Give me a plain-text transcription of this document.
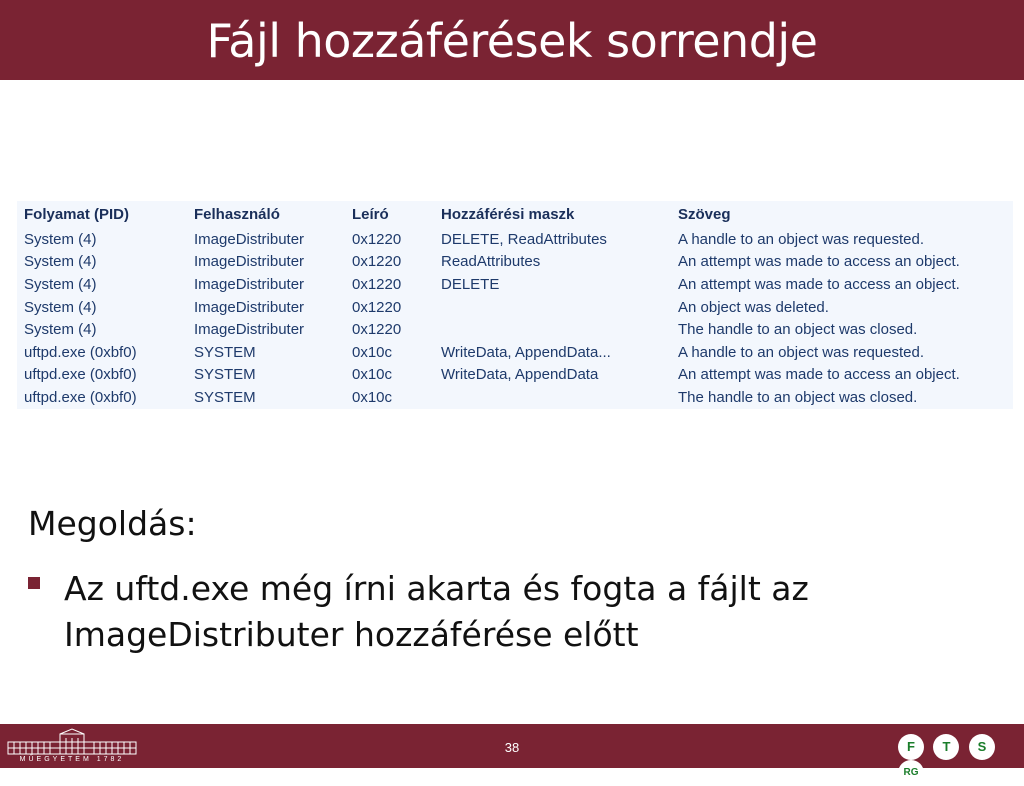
Fájl hozzáférések sorrendje
Folyamat (PID)	Felhasználó	Leíró	Hozzáférési maszk	Szöveg
System (4)	ImageDistributer	0x1220	DELETE, ReadAttributes	A handle to an object was requested.
System (4)	ImageDistributer	0x1220	ReadAttributes	An attempt was made to access an object.
System (4)	ImageDistributer	0x1220	DELETE	An attempt was made to access an object.
System (4)	ImageDistributer	0x1220		An object was deleted.
System (4)	ImageDistributer	0x1220		The handle to an object was closed.
uftpd.exe (0xbf0)	SYSTEM	0x10c	WriteData, AppendData...	A handle to an object was requested.
uftpd.exe (0xbf0)	SYSTEM	0x10c	WriteData, AppendData	An attempt was made to access an object.
uftpd.exe (0xbf0)	SYSTEM	0x10c		The handle to an object was closed.
Megoldás:
Az uftd.exe még írni akarta és fogta a fájlt az ImageDistributer hozzáférése előtt
MŰEGYETEM 1782
38	F
	T
	S

RG
